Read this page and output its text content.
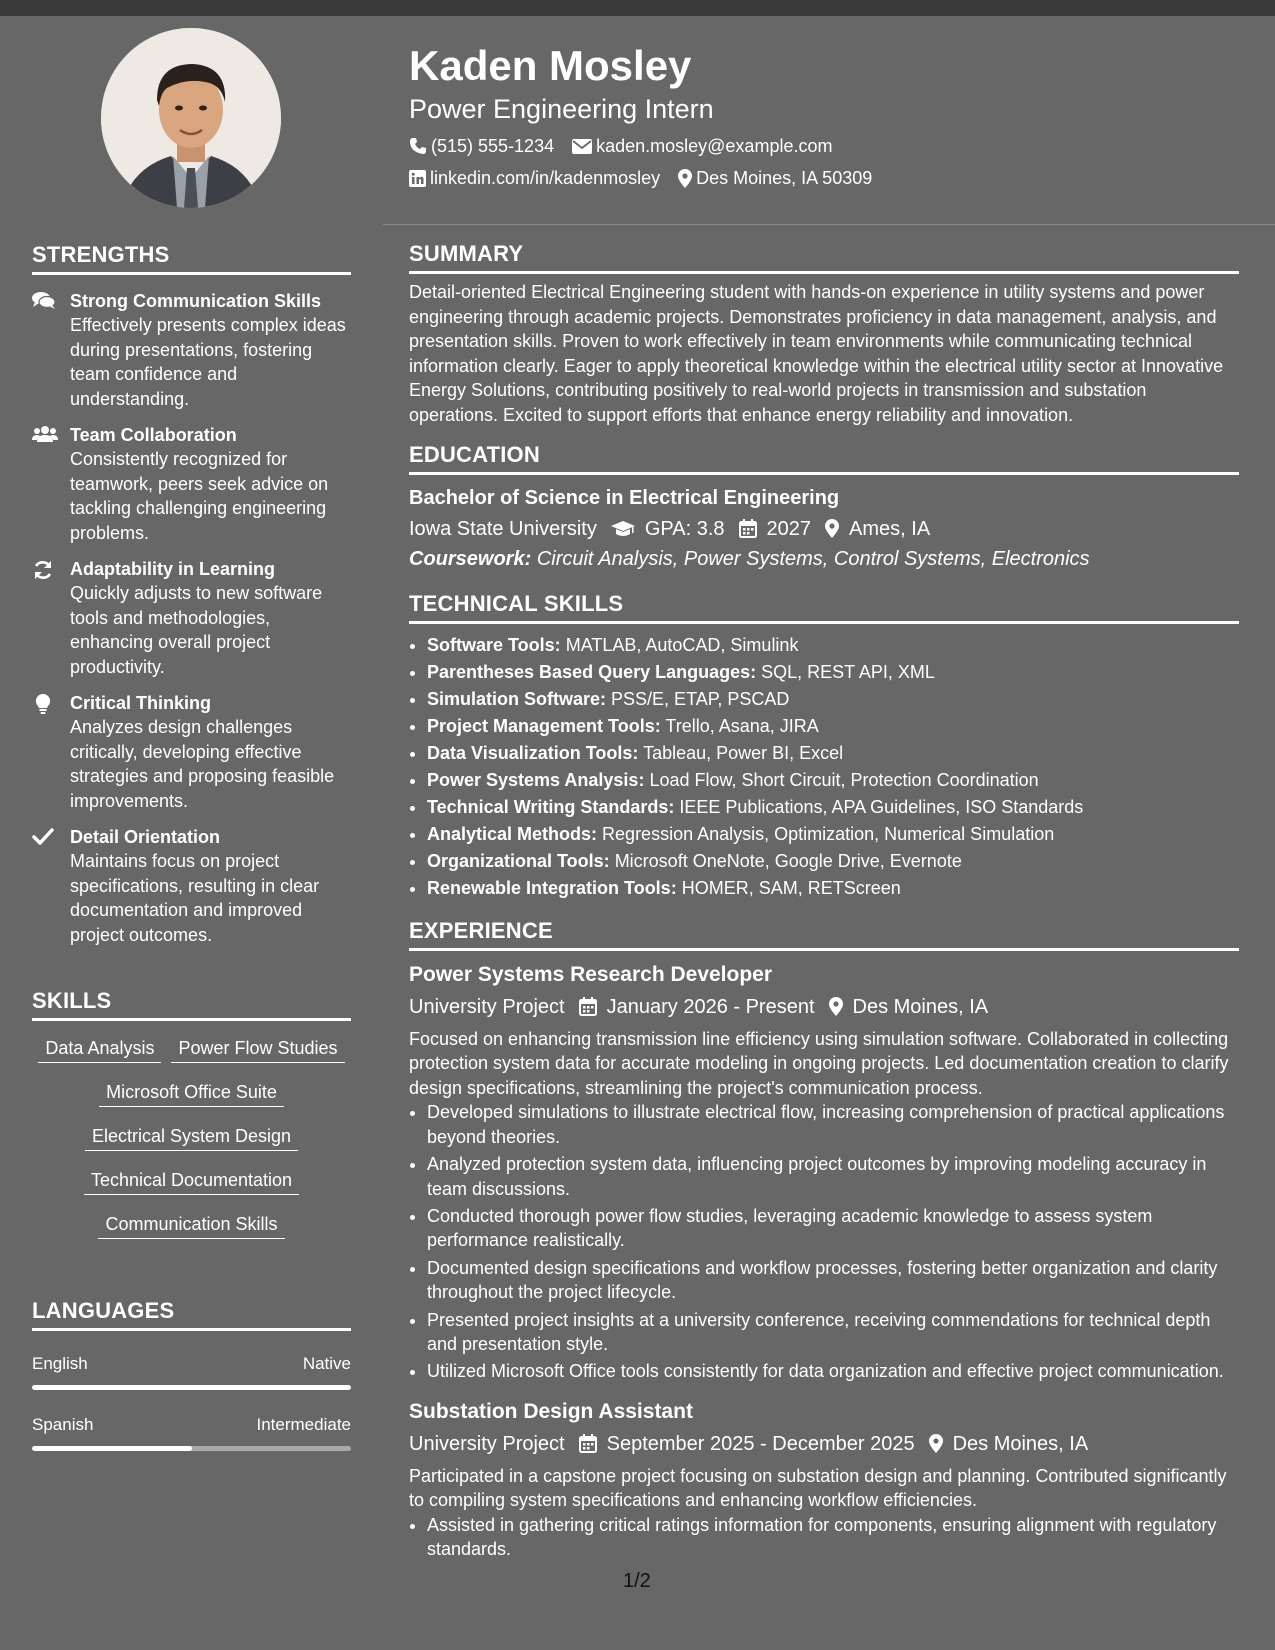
STRENGTHS
Strong Communication Skills
Effectively presents complex ideas during presentations, fostering team confidence and understanding.
Team Collaboration
Consistently recognized for teamwork, peers seek advice on tackling challenging engineering problems.
Adaptability in Learning
Quickly adjusts to new software tools and methodologies, enhancing overall project productivity.
Critical Thinking
Analyzes design challenges critically, developing effective strategies and proposing feasible improvements.
Detail Orientation
Maintains focus on project specifications, resulting in clear documentation and improved project outcomes.
SKILLS
Data Analysis	Power Flow Studies
Microsoft Office Suite
Electrical System Design
Technical Documentation
Communication Skills
LANGUAGES
English	Native
Spanish	Intermediate
Kaden Mosley
Power Engineering Intern
(515) 555-1234 kaden.mosley@example.com
linkedin.com/in/kadenmosley Des Moines, IA 50309
SUMMARY

Detail-oriented Electrical Engineering student with hands-on experience in utility systems and power engineering through academic projects. Demonstrates proficiency in data management, analysis, and presentation skills. Proven to work effectively in team environments while communicating technical information clearly. Eager to apply theoretical knowledge within the electrical utility sector at Innovative Energy Solutions, contributing positively to real-world projects in transmission and substation operations. Excited to support efforts that enhance energy reliability and innovation.

EDUCATION
Bachelor of Science in Electrical Engineering
Iowa State University GPA: 3.8 2027 Ames, IA
Coursework: Circuit Analysis, Power Systems, Control Systems, Electronics
TECHNICAL SKILLS
• Software Tools: MATLAB, AutoCAD, Simulink
• Parentheses Based Query Languages: SQL, REST API, XML
• Simulation Software: PSS/E, ETAP, PSCAD
• Project Management Tools: Trello, Asana, JIRA
• Data Visualization Tools: Tableau, Power BI, Excel
• Power Systems Analysis: Load Flow, Short Circuit, Protection Coordination
• Technical Writing Standards: IEEE Publications, APA Guidelines, ISO Standards
• Analytical Methods: Regression Analysis, Optimization, Numerical Simulation
• Organizational Tools: Microsoft OneNote, Google Drive, Evernote
• Renewable Integration Tools: HOMER, SAM, RETScreen
EXPERIENCE
Power Systems Research Developer
University Project January 2026 - Present Des Moines, IA

Focused on enhancing transmission line efficiency using simulation software. Collaborated in collecting protection system data for accurate modeling in ongoing projects. Led documentation creation to clarify design specifications, streamlining the project's communication process.

• Developed simulations to illustrate electrical flow, increasing comprehension of practical applications beyond theories.
• Analyzed protection system data, influencing project outcomes by improving modeling accuracy in team discussions.
• Conducted thorough power flow studies, leveraging academic knowledge to assess system performance realistically.
• Documented design specifications and workflow processes, fostering better organization and clarity throughout the project lifecycle.
• Presented project insights at a university conference, receiving commendations for technical depth and presentation style.
• Utilized Microsoft Office tools consistently for data organization and effective project communication.
Substation Design Assistant
University Project September 2025 - December 2025 Des Moines, IA

Participated in a capstone project focusing on substation design and planning. Contributed significantly to compiling system specifications and enhancing workflow efficiencies.

• Assisted in gathering critical ratings information for components, ensuring alignment with regulatory standards.
1/2
